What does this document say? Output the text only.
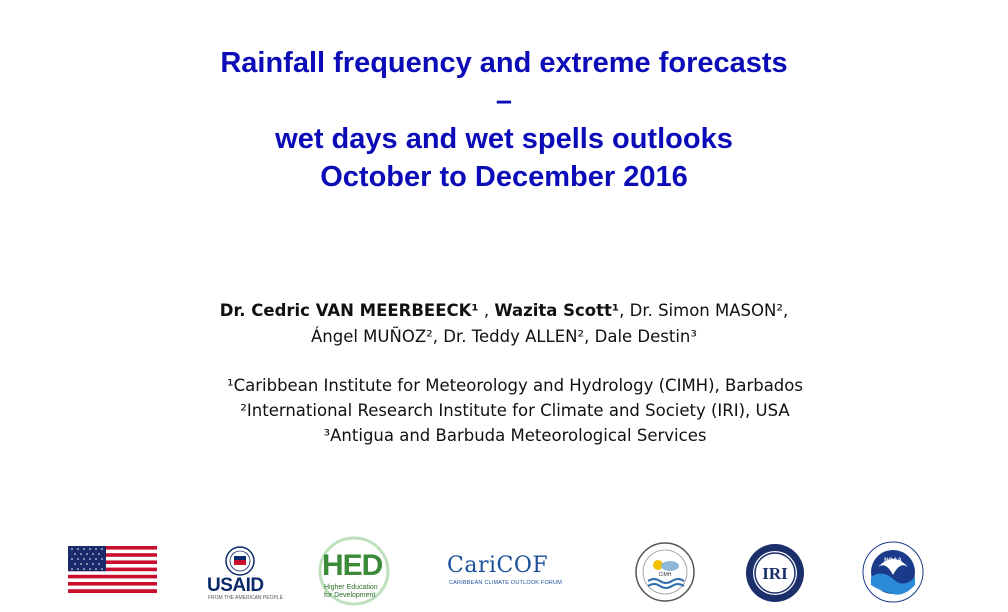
Rainfall frequency and extreme forecasts
–
wet days and wet spells outlooks
October to December 2016
Dr. Cedric VAN MEERBEECK¹ , Wazita Scott¹, Dr. Simon MASON²,
Ángel MUÑOZ², Dr. Teddy ALLEN², Dale Destin³
¹Caribbean Institute for Meteorology and Hydrology (CIMH), Barbados
²International Research Institute for Climate and Society (IRI), USA
³Antigua and Barbuda Meteorological Services
USAID
FROM THE AMERICAN PEOPLE
HED
Higher Education
for Development
CariCOF
CARIBBEAN CLIMATE OUTLOOK FORUM
CIMH	IRI
NOAA
